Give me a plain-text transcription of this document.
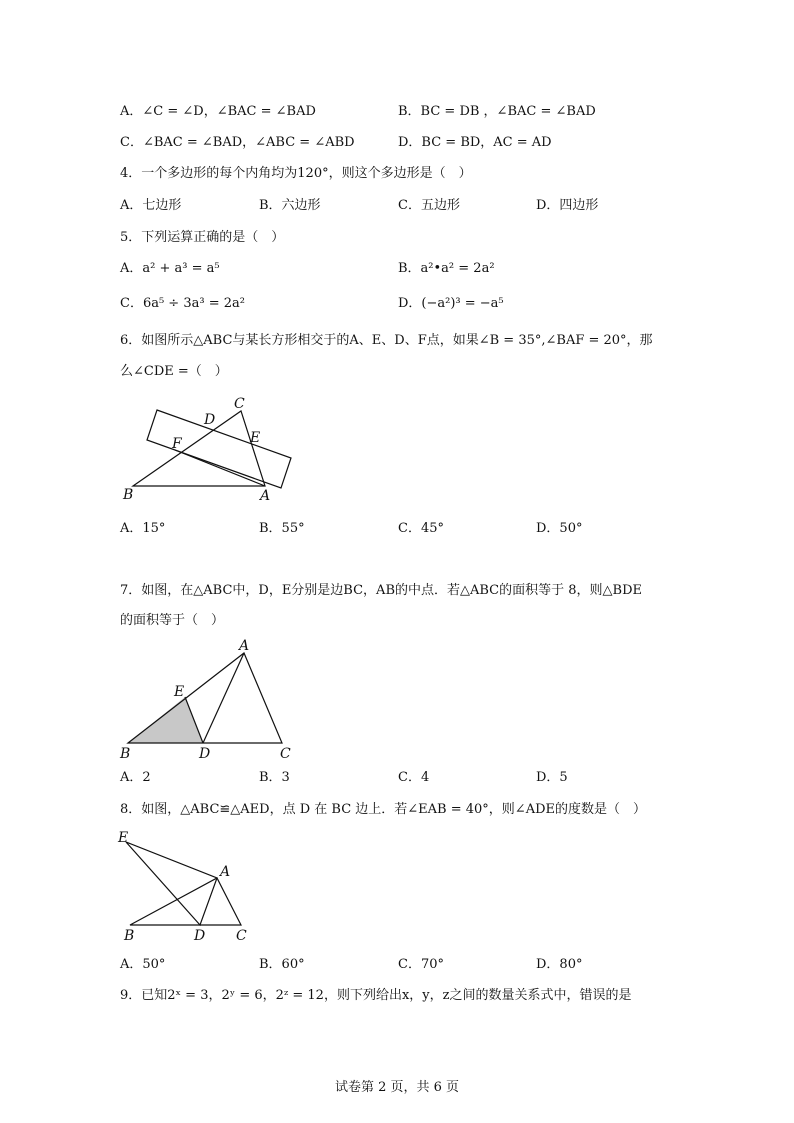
A．∠C = ∠D，∠BAC = ∠BAD	B．BC = DB ，∠BAC = ∠BAD
C．∠BAC = ∠BAD，∠ABC = ∠ABD	D．BC = BD，AC = AD
4．一个多边形的每个内角均为120°，则这个多边形是（　）
A．七边形	B．六边形	C．五边形	D．四边形
5．下列运算正确的是（　）
A．a² + a³ = a⁵	B．a²•a² = 2a²
C．6a⁵ ÷ 3a³ = 2a²	D．(−a²)³ = −a⁵
6．如图所示△ABC与某长方形相交于的A、E、D、F点，如果∠B = 35°,∠BAF = 20°，那
么∠CDE =（　）
B	A
C
D
E
F
A．15°	B．55°	C．45°	D．50°
7．如图，在△ABC中，D，E分别是边BC，AB的中点．若△ABC的面积等于 8，则△BDE
的面积等于（　）
A
B	C
D
E
A．2	B．3	C．4	D．5
8．如图，△ABC≌△AED，点 D 在 BC 边上．若∠EAB = 40°，则∠ADE的度数是（　）
E
A
B	D C
A．50°	B．60°	C．70°	D．80°
9．已知2ˣ = 3，2ʸ = 6，2ᶻ = 12，则下列给出x，y，z之间的数量关系式中，错误的是
试卷第 2 页，共 6 页
